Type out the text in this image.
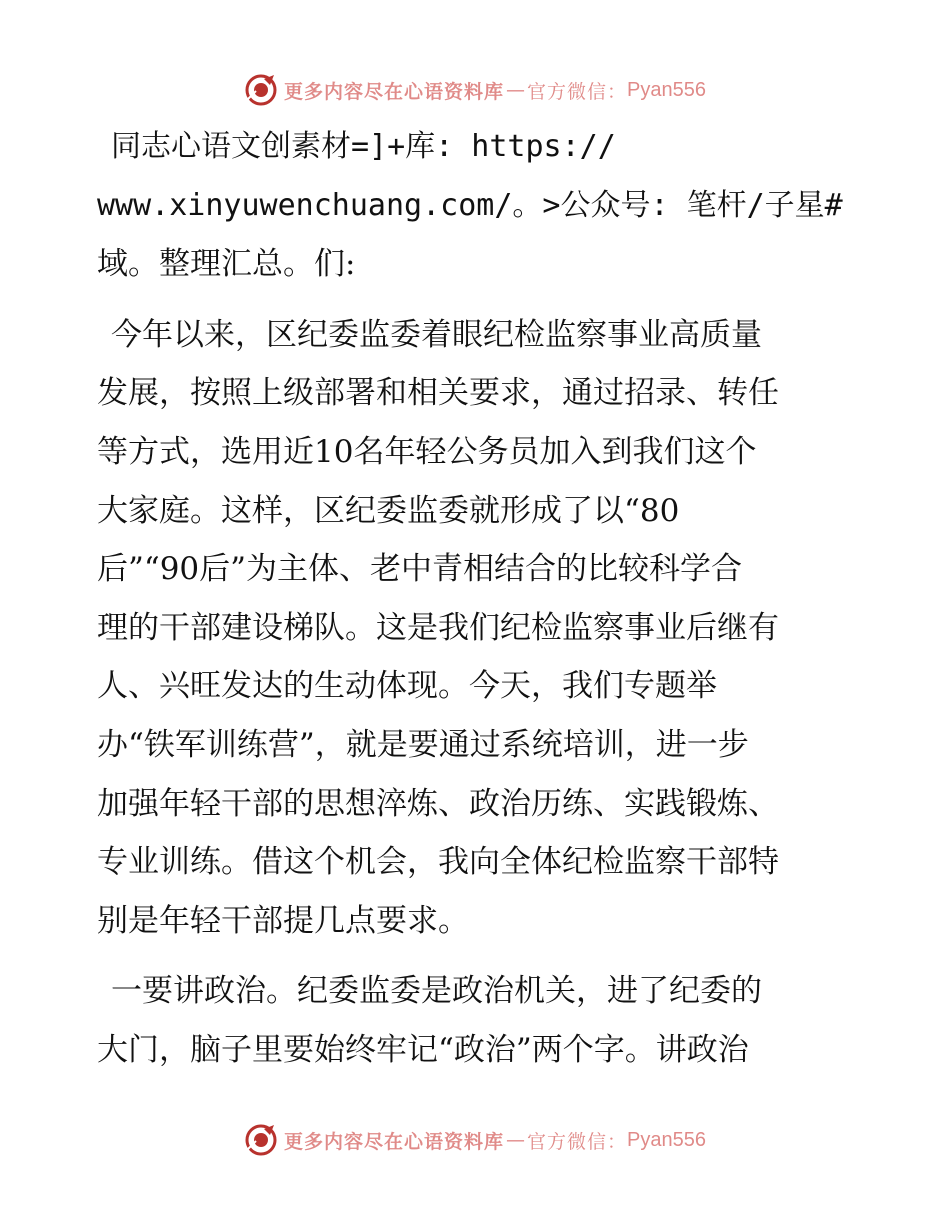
更多内容尽在心语资料库 — 官方微信： Pyan556
同志心语文创素材=]+库: https://
www.xinyuwenchuang.com/。>公众号: 笔杆/子星#
域。整理汇总。们:
今年以来，区纪委监委着眼纪检监察事业高质量
发展，按照上级部署和相关要求，通过招录、转任
等方式，选用近10名年轻公务员加入到我们这个
大家庭。这样，区纪委监委就形成了以“80
后”“90后”为主体、老中青相结合的比较科学合
理的干部建设梯队。这是我们纪检监察事业后继有
人、兴旺发达的生动体现。今天，我们专题举
办“铁军训练营”，就是要通过系统培训，进一步
加强年轻干部的思想淬炼、政治历练、实践锻炼、
专业训练。借这个机会，我向全体纪检监察干部特
别是年轻干部提几点要求。
一要讲政治。纪委监委是政治机关，进了纪委的
大门，脑子里要始终牢记“政治”两个字。讲政治
更多内容尽在心语资料库 — 官方微信： Pyan556
